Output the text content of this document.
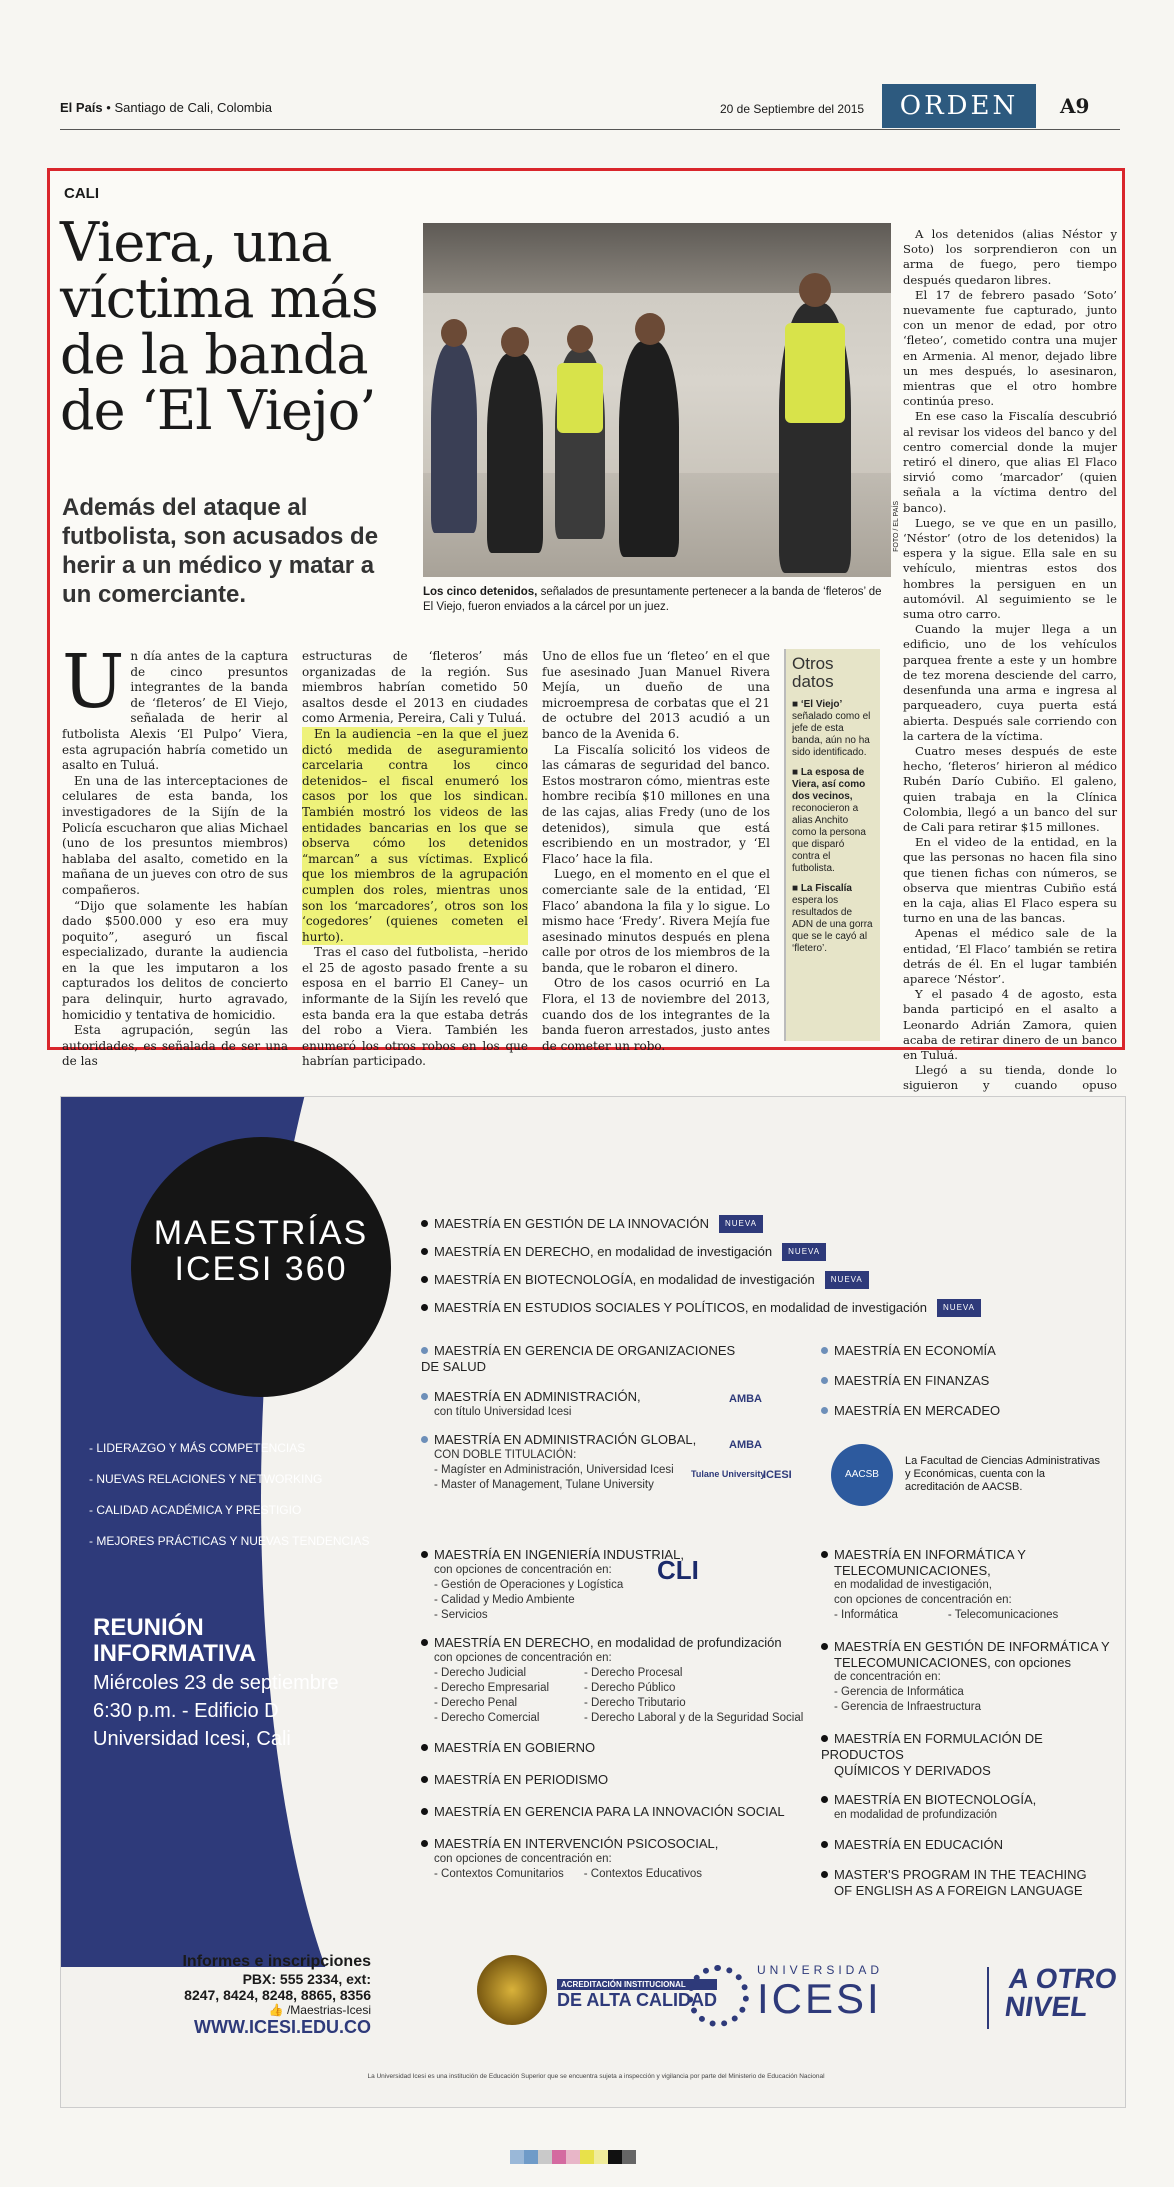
El País • Santiago de Cali, Colombia	20 de Septiembre del 2015	ORDEN	A9
CALI
Viera, una víctima más de la banda de ‘El Viejo’
Además del ataque al futbolista, son acusados de herir a un médico y matar a un comerciante.
FOTO / EL PAÍS
Los cinco detenidos, señalados de presuntamente pertenecer a la banda de ‘fleteros’ de El Viejo, fueron enviados a la cárcel por un juez.

Un día antes de la captura de cinco presuntos integrantes de la banda de ‘fleteros’ de El Viejo, señalada de herir al futbolista Alexis ‘El Pulpo’ Viera, esta agrupación habría cometido un asalto en Tuluá.

En una de las interceptaciones de celulares de esta banda, los investigadores de la Sijín de la Policía escucharon que alias Michael (uno de los presuntos miembros) hablaba del asalto, cometido en la mañana de un jueves con otro de sus compañeros.

“Dijo que solamente les habían dado $500.000 y eso era muy poquito”, aseguró un fiscal especializado, durante la audiencia en la que les imputaron a los capturados los delitos de concierto para delinquir, hurto agravado, homicidio y tentativa de homicidio.

Esta agrupación, según las autoridades, es señalada de ser una de las

estructuras de ‘fleteros’ más organizadas de la región. Sus miembros habrían cometido 50 asaltos desde el 2013 en ciudades como Armenia, Pereira, Cali y Tuluá.

En la audiencia –en la que el juez dictó medida de aseguramiento carcelaria contra los cinco detenidos– el fiscal enumeró los casos por los que los sindican. También mostró los videos de las entidades bancarias en los que se observa cómo los detenidos “marcan” a sus víctimas. Explicó que los miembros de la agrupación cumplen dos roles, mientras unos son los ‘marcadores’, otros son los ‘cogedores’ (quienes cometen el hurto).

Tras el caso del futbolista, –herido el 25 de agosto pasado frente a su esposa en el barrio El Caney– un informante de la Sijín les reveló que esta banda era la que estaba detrás del robo a Viera. También les enumeró los otros robos en los que habrían participado.

Uno de ellos fue un ‘fleteo’ en el que fue asesinado Juan Manuel Rivera Mejía, un dueño de una microempresa de corbatas que el 21 de octubre del 2013 acudió a un banco de la Avenida 6.

La Fiscalía solicitó los videos de las cámaras de seguridad del banco. Estos mostraron cómo, mientras este hombre recibía $10 millones en una de las cajas, alias Fredy (uno de los detenidos), simula que está escribiendo en un mostrador, y ‘El Flaco’ hace la fila.

Luego, en el momento en el que el comerciante sale de la entidad, ‘El Flaco’ abandona la fila y lo sigue. Lo mismo hace ‘Fredy’. Rivera Mejía fue asesinado minutos después en plena calle por otros de los miembros de la banda, que le robaron el dinero.

Otro de los casos ocurrió en La Flora, el 13 de noviembre del 2013, cuando dos de los integrantes de la banda fueron arrestados, justo antes de cometer un robo.

Otros datos
■ ‘El Viejo’
señalado como el jefe de esta banda, aún no ha sido identificado.
■ La esposa de Viera, así como dos vecinos,
reconocieron a alias Anchito como la persona que disparó contra el futbolista.
■ La Fiscalía
espera los resultados de ADN de una gorra que se le cayó al ‘fletero’.

A los detenidos (alias Néstor y Soto) los sorprendieron con un arma de fuego, pero tiempo después quedaron libres.

El 17 de febrero pasado ‘Soto’ nuevamente fue capturado, junto con un menor de edad, por otro ‘fleteo’, cometido contra una mujer en Armenia. Al menor, dejado libre un mes después, lo asesinaron, mientras que el otro hombre continúa preso.

En ese caso la Fiscalía descubrió al revisar los videos del banco y del centro comercial donde la mujer retiró el dinero, que alias El Flaco sirvió como ‘marcador’ (quien señala a la víctima dentro del banco).

Luego, se ve que en un pasillo, ‘Néstor’ (otro de los detenidos) la espera y la sigue. Ella sale en su vehículo, mientras estos dos hombres la persiguen en un automóvil. Al seguimiento se le suma otro carro.

Cuando la mujer llega a un edificio, uno de los vehículos parquea frente a este y un hombre de tez morena desciende del carro, desenfunda una arma e ingresa al parqueadero, cuya puerta está abierta. Después sale corriendo con la cartera de la víctima.

Cuatro meses después de este hecho, ‘fleteros’ hirieron al médico Rubén Darío Cubiño. El galeno, quien trabaja en la Clínica Colombia, llegó a un banco del sur de Cali para retirar $15 millones.

En el video de la entidad, en la que las personas no hacen fila sino que tienen fichas con números, se observa que mientras Cubiño está en la caja, alias El Flaco espera su turno en una de las bancas.

Apenas el médico sale de la entidad, ‘El Flaco’ también se retira detrás de él. En el lugar también aparece ‘Néstor’.

Y el pasado 4 de agosto, esta banda participó en el asalto a Leonardo Adrián Zamora, quien acaba de retirar dinero de un banco en Tuluá.

Llegó a su tienda, donde lo siguieron y cuando opuso

MAESTRÍAS
ICESI 360
- LIDERAZGO Y MÁS COMPETENCIAS
- NUEVAS RELACIONES Y NETWORKING
- CALIDAD ACADÉMICA Y PRESTIGIO
- MEJORES PRÁCTICAS Y NUEVAS TENDENCIAS
REUNIÓN
INFORMATIVA
Miércoles 23 de septiembre
6:30 p.m. - Edificio D
Universidad Icesi, Cali
Informes e inscripciones
PBX: 555 2334, ext:
8247, 8424, 8248, 8865, 8356
👍 /Maestrias-Icesi
WWW.ICESI.EDU.CO
MAESTRÍA EN GESTIÓN DE LA INNOVACIÓN NUEVA
MAESTRÍA EN DERECHO, en modalidad de investigación NUEVA
MAESTRÍA EN BIOTECNOLOGÍA, en modalidad de investigación NUEVA
MAESTRÍA EN ESTUDIOS SOCIALES Y POLÍTICOS, en modalidad de investigación NUEVA
MAESTRÍA EN GERENCIA DE ORGANIZACIONES DE SALUD
MAESTRÍA EN ADMINISTRACIÓN,
con título Universidad Icesi
MAESTRÍA EN ADMINISTRACIÓN GLOBAL,
CON DOBLE TITULACIÓN:
- Magíster en Administración, Universidad Icesi
- Master of Management, Tulane University
AMBA
AMBA
Tulane University
ICESI
MAESTRÍA EN ECONOMÍA
MAESTRÍA EN FINANZAS
MAESTRÍA EN MERCADEO
AACSB
La Facultad de Ciencias Administrativas y Económicas, cuenta con la acreditación de AACSB.
MAESTRÍA EN INGENIERÍA INDUSTRIAL,
con opciones de concentración en:
- Gestión de Operaciones y Logística
- Calidad y Medio Ambiente
- Servicios
MAESTRÍA EN DERECHO, en modalidad de profundización
con opciones de concentración en:
- Derecho Judicial
- Derecho Empresarial
- Derecho Penal
- Derecho Comercial
- Derecho Procesal
- Derecho Público
- Derecho Tributario
- Derecho Laboral y de la Seguridad Social
MAESTRÍA EN GOBIERNO
MAESTRÍA EN PERIODISMO
MAESTRÍA EN GERENCIA PARA LA INNOVACIÓN SOCIAL
MAESTRÍA EN INTERVENCIÓN PSICOSOCIAL,
con opciones de concentración en:
- Contextos Comunitarios - Contextos Educativos
CLI
MAESTRÍA EN INFORMÁTICA Y
TELECOMUNICACIONES,
en modalidad de investigación,
con opciones de concentración en:
- Informática	- Telecomunicaciones
MAESTRÍA EN GESTIÓN DE INFORMÁTICA Y
TELECOMUNICACIONES, con opciones
de concentración en:
- Gerencia de Informática
- Gerencia de Infraestructura
MAESTRÍA EN FORMULACIÓN DE PRODUCTOS
QUÍMICOS Y DERIVADOS
MAESTRÍA EN BIOTECNOLOGÍA,
en modalidad de profundización
MAESTRÍA EN EDUCACIÓN
MASTER'S PROGRAM IN THE TEACHING
OF ENGLISH AS A FOREIGN LANGUAGE
ACREDITACIÓN INSTITUCIONAL
DE ALTA CALIDAD
UNIVERSIDAD
ICESI	A OTRO
NIVEL
La Universidad Icesi es una institución de Educación Superior que se encuentra sujeta a inspección y vigilancia por parte del Ministerio de Educación Nacional
